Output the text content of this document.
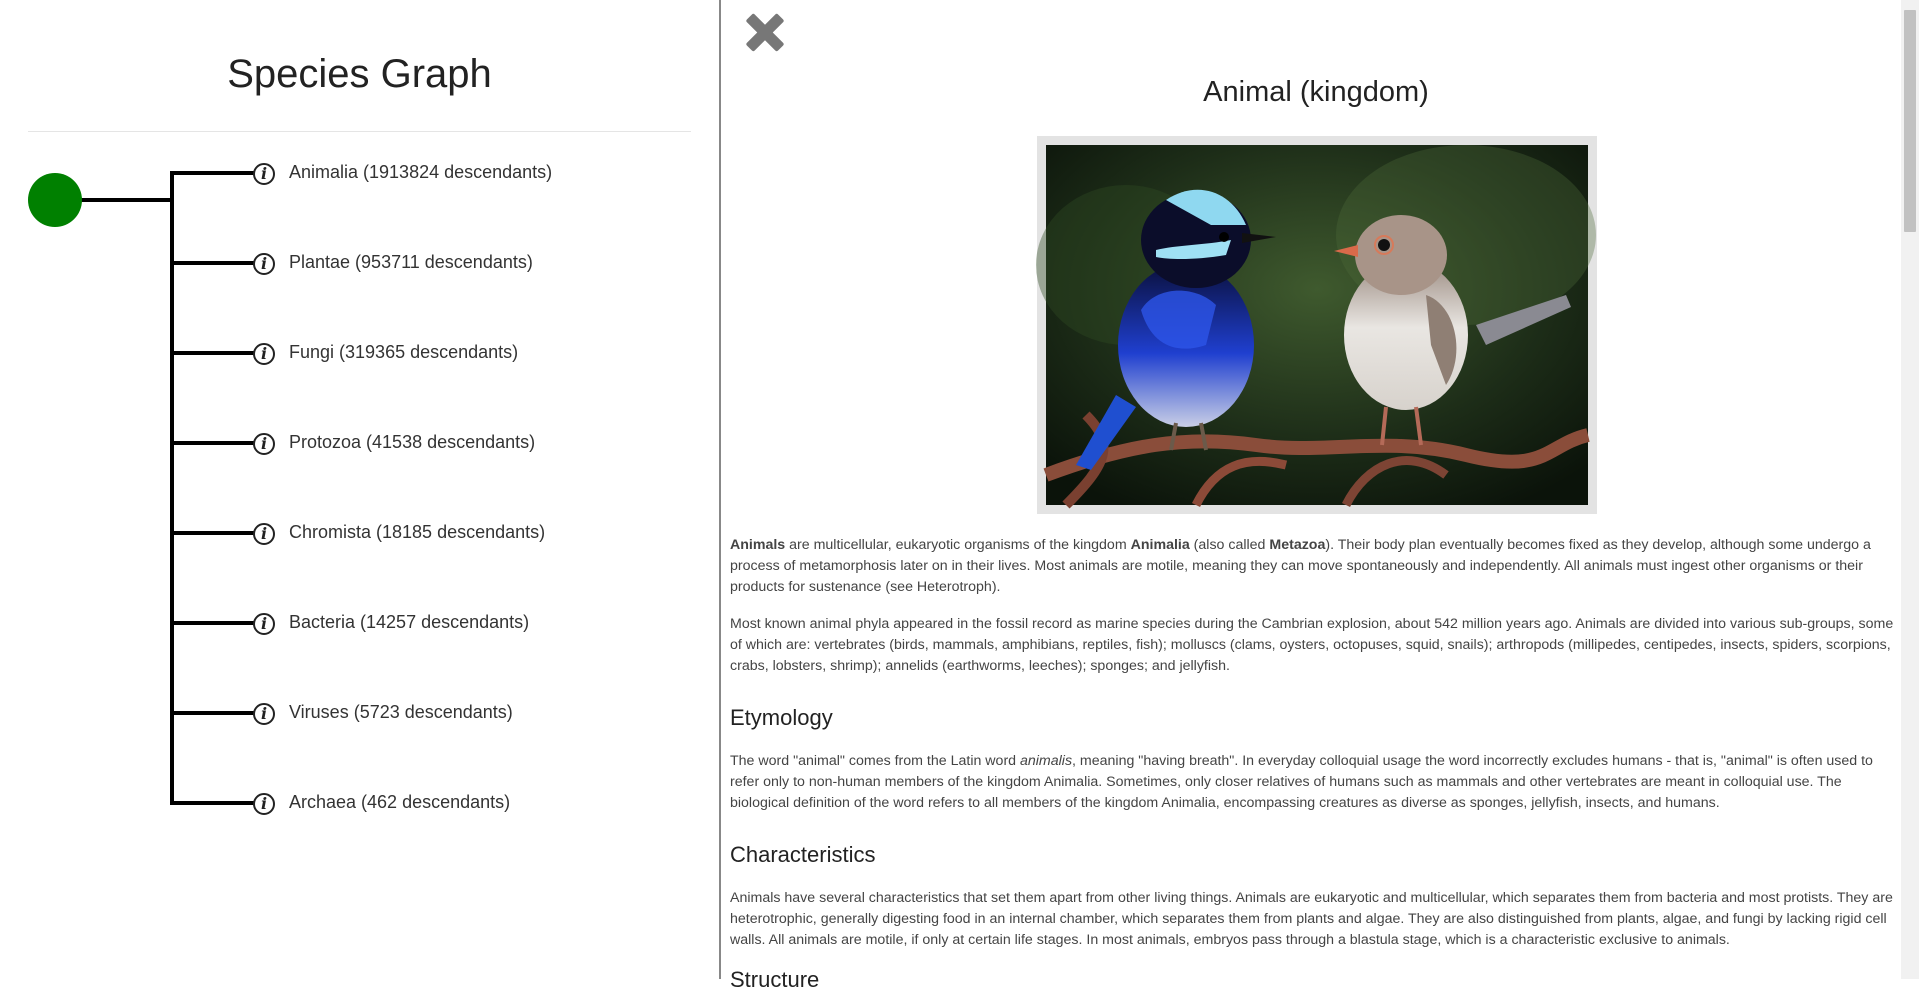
Species Graph
i	Animalia (1913824 descendants)
i	Plantae (953711 descendants)
i	Fungi (319365 descendants)
i	Protozoa (41538 descendants)
i	Chromista (18185 descendants)
i	Bacteria (14257 descendants)
i	Viruses (5723 descendants)
i	Archaea (462 descendants)
Animal (kingdom)

Animals are multicellular, eukaryotic organisms of the kingdom Animalia (also called Metazoa). Their body plan eventually becomes fixed as they develop, although some undergo a process of metamorphosis later on in their lives. Most animals are motile, meaning they can move spontaneously and independently. All animals must ingest other organisms or their products for sustenance (see Heterotroph).

Most known animal phyla appeared in the fossil record as marine species during the Cambrian explosion, about 542 million years ago. Animals are divided into various sub-groups, some of which are: vertebrates (birds, mammals, amphibians, reptiles, fish); molluscs (clams, oysters, octopuses, squid, snails); arthropods (millipedes, centipedes, insects, spiders, scorpions, crabs, lobsters, shrimp); annelids (earthworms, leeches); sponges; and jellyfish.

Etymology

The word "animal" comes from the Latin word animalis, meaning "having breath". In everyday colloquial usage the word incorrectly excludes humans - that is, "animal" is often used to refer only to non-human members of the kingdom Animalia. Sometimes, only closer relatives of humans such as mammals and other vertebrates are meant in colloquial use. The biological definition of the word refers to all members of the kingdom Animalia, encompassing creatures as diverse as sponges, jellyfish, insects, and humans.

Characteristics

Animals have several characteristics that set them apart from other living things. Animals are eukaryotic and multicellular, which separates them from bacteria and most protists. They are heterotrophic, generally digesting food in an internal chamber, which separates them from plants and algae. They are also distinguished from plants, algae, and fungi by lacking rigid cell walls. All animals are motile, if only at certain life stages. In most animals, embryos pass through a blastula stage, which is a characteristic exclusive to animals.

Structure
